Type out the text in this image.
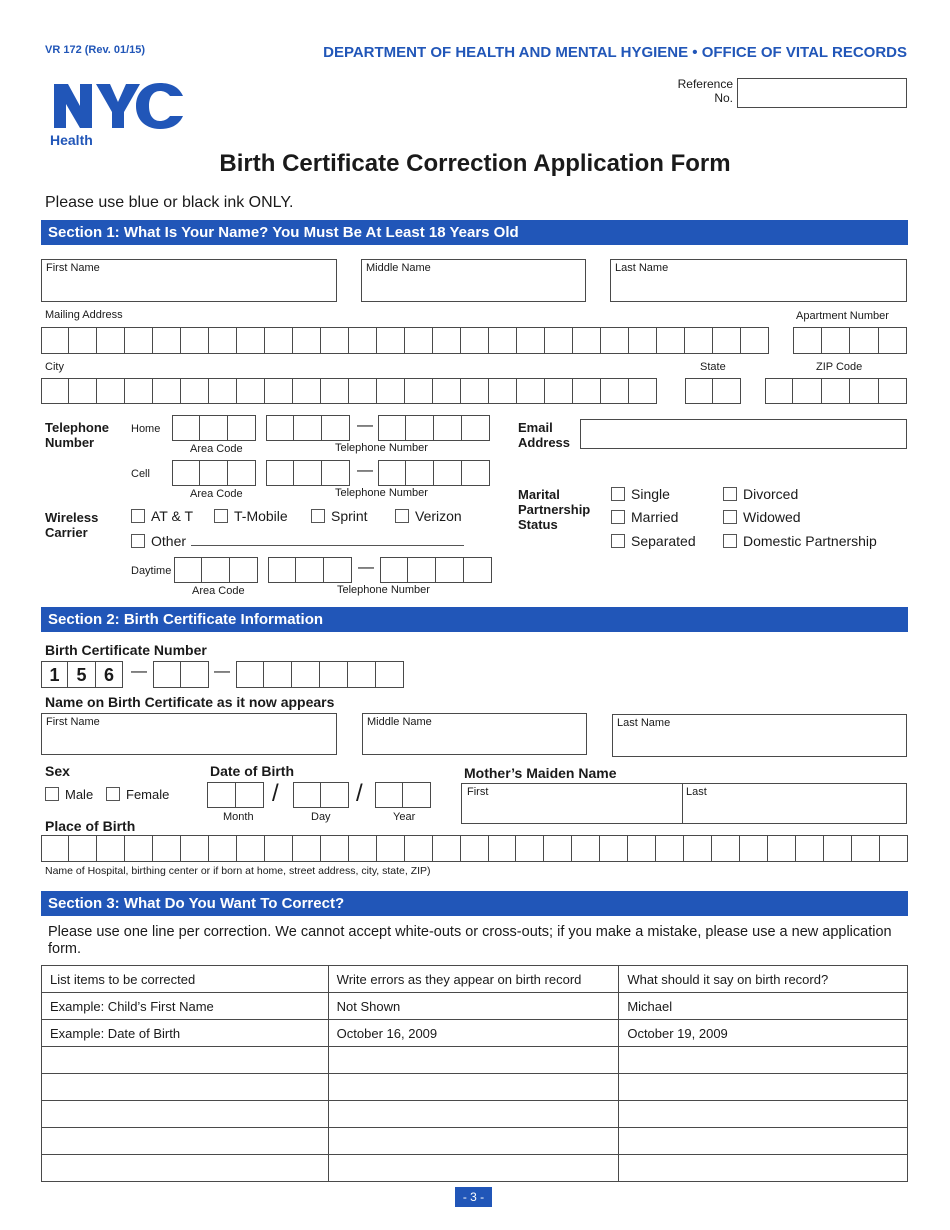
VR 172 (Rev. 01/15)	DEPARTMENT OF HEALTH AND MENTAL HYGIENE • OFFICE OF VITAL RECORDS
Health
Reference
No.
Birth Certificate Correction Application Form
Please use blue or black ink ONLY.
Section 1: What Is Your Name? You Must Be At Least 18 Years Old
First Name	Middle Name	Last Name
Mailing Address	Apartment Number
City	State	ZIP Code
Telephone
Number
Home	—
Area Code	Telephone Number
Cell	—
Area Code	Telephone Number
Email
Address
Wireless
Carrier
AT & T	T-Mobile	Sprint	Verizon
Other
Marital
Partnership
Status
Single	Divorced
Married	Widowed
Separated	Domestic Partnership
Daytime	—
Area Code	Telephone Number
Section 2: Birth Certificate Information
Birth Certificate Number
1 5 6	—	—
Name on Birth Certificate as it now appears
First Name	Middle Name	Last Name
Sex
Male	Female
Date of Birth
/	/
Month	Day	Year
Mother’s Maiden Name
First	Last
Place of Birth
Name of Hospital, birthing center or if born at home, street address, city, state, ZIP)
Section 3: What Do You Want To Correct?
Please use one line per correction. We cannot accept white-outs or cross-outs; if you make a mistake, please use a new application form.
List items to be corrected	Write errors as they appear on birth record	What should it say on birth record?
Example: Child’s First Name	Not Shown	Michael
Example: Date of Birth	October 16, 2009	October 19, 2009

- 3 -
